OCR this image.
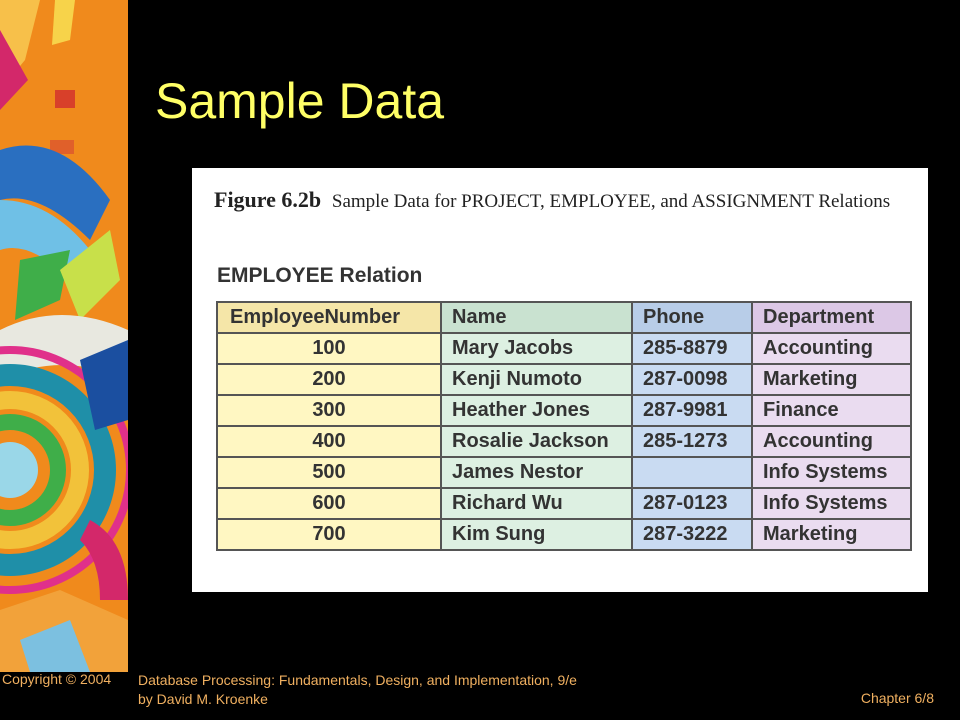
Sample Data
Figure 6.2b Sample Data for PROJECT, EMPLOYEE, and ASSIGNMENT Relations
EMPLOYEE Relation
EmployeeNumber	Name	Phone	Department
100	Mary Jacobs	285-8879	Accounting
200	Kenji Numoto	287-0098	Marketing
300	Heather Jones	287-9981	Finance
400	Rosalie Jackson	285-1273	Accounting
500	James Nestor		Info Systems
600	Richard Wu	287-0123	Info Systems
700	Kim Sung	287-3222	Marketing
Copyright © 2004 Database Processing: Fundamentals, Design, and Implementation, 9/e
by David M. Kroenke	Chapter 6/8
